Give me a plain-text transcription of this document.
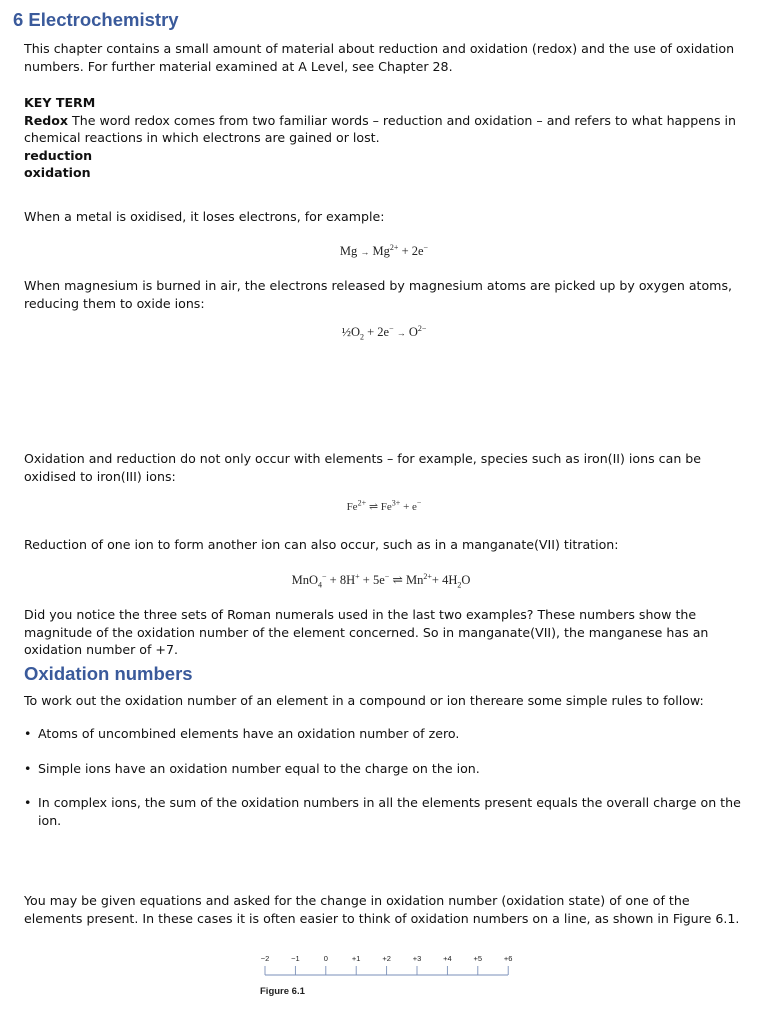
6 Electrochemistry

This chapter contains a small amount of material about reduction and oxidation (redox) and the use of oxidation numbers. For further material examined at A Level, see Chapter 28.

KEY TERM
Redox The word redox comes from two familiar words – reduction and oxidation – and refers to what happens in chemical reactions in which electrons are gained or lost.
reduction
oxidation

When a metal is oxidised, it loses electrons, for example:

$Mg \to Mg^{2+} + 2e^-$

When magnesium is burned in air, the electrons released by magnesium atoms are picked up by oxygen atoms, reducing them to oxide ions:

$\frac{1}{2}O_2 + 2e^- \to O^{2-}$

Oxidation and reduction do not only occur with elements – for example, species such as iron(II) ions can be oxidised to iron(III) ions:

$Fe^{2+}$ ⇌ $Fe^{3+} + e^-$

Reduction of one ion to form another ion can also occur, such as in a manganate(VII) titration:

MnO$_4$− + 8H+ + 5e− ⇌ $Mn^{2+}+ 4H_2O$

Did you notice the three sets of Roman numerals used in the last two examples? These numbers show the magnitude of the oxidation number of the element concerned. So in manganate(VII), the manganese has an oxidation number of +7.

Oxidation numbers

To work out the oxidation number of an element in a compound or ion thereare some simple rules to follow:

• Atoms of uncombined elements have an oxidation number of zero.
• Simple ions have an oxidation number equal to the charge on the ion.
• In complex ions, the sum of the oxidation numbers in all the elements present equals the overall charge on the ion.

You may be given equations and asked for the change in oxidation number (oxidation state) of one of the elements present. In these cases it is often easier to think of oxidation numbers on a line, as shown in Figure 6.1.

−2	−1	0	+1	+2	+3	+4	+5	+6
Figure 6.1
